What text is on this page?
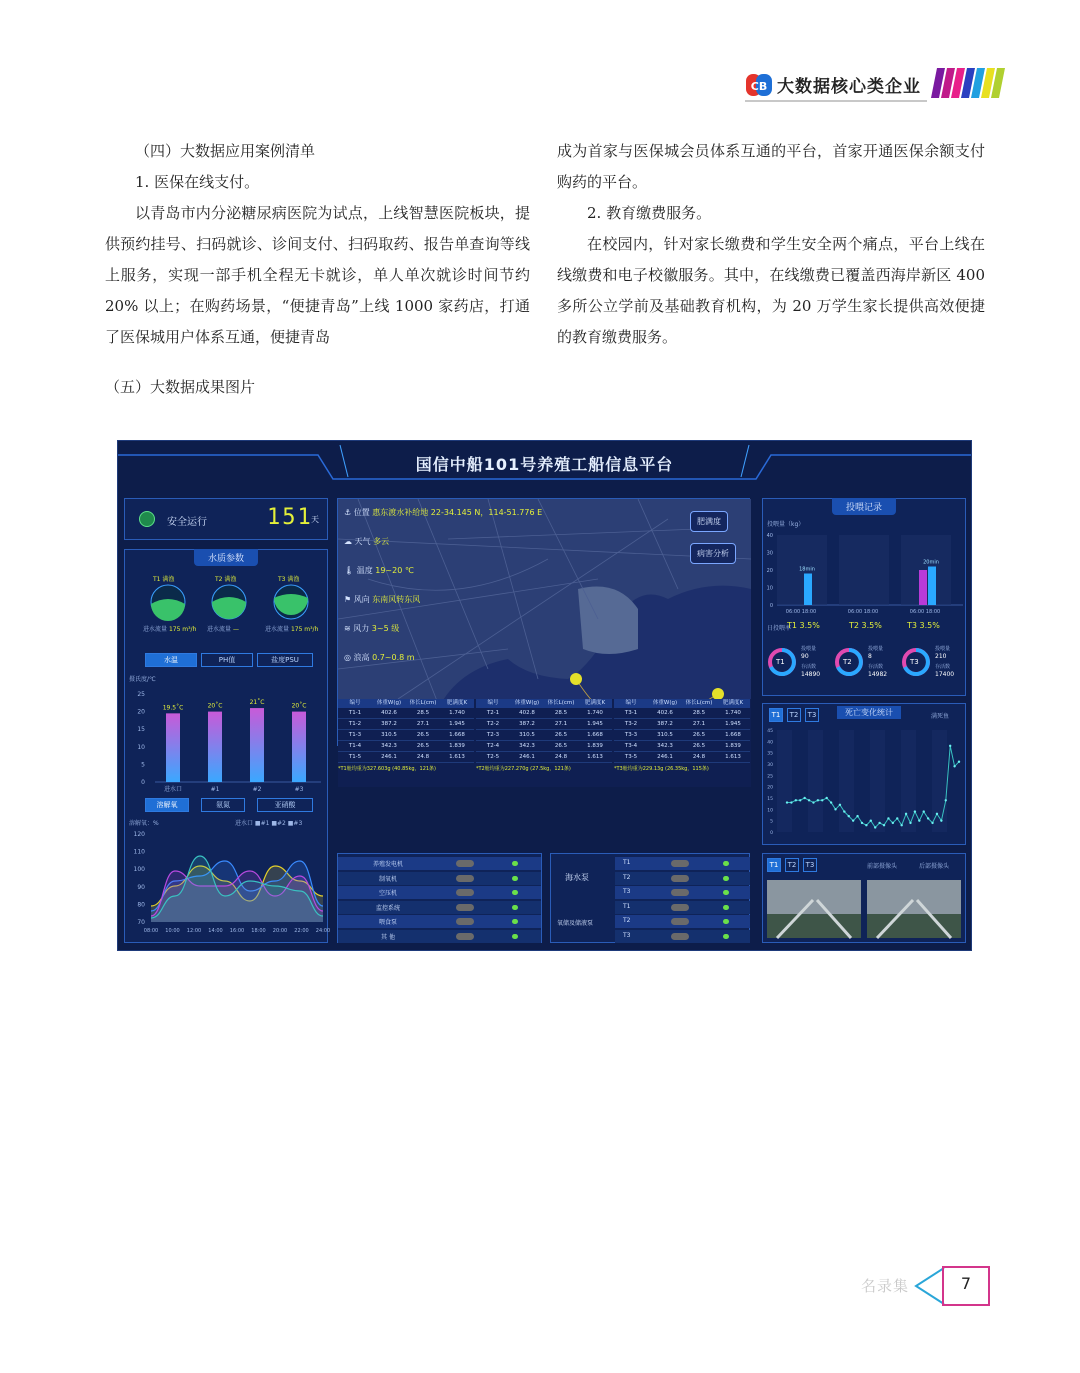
CB 大数据核心类企业

（四）大数据应用案例清单

1. 医保在线支付。

以青岛市内分泌糖尿病医院为试点，上线智慧医院板块，提供预约挂号、扫码就诊、诊间支付、扫码取药、报告单查询等线上服务，实现一部手机全程无卡就诊，单人单次就诊时间节约 20% 以上；在购药场景，“便捷青岛”上线 1000 家药店，打通了医保城用户体系互通，便捷青岛

成为首家与医保城会员体系互通的平台，首家开通医保余额支付购药的平台。

2. 教育缴费服务。

在校园内，针对家长缴费和学生安全两个痛点，平台上线在线缴费和电子校徽服务。其中，在线缴费已覆盖西海岸新区 400 多所公立学前及基础教育机构，为 20 万学生家长提供高效便捷的教育缴费服务。

（五）大数据成果图片
国信中船101号养殖工船信息平台
安全运行	151
天
水质参数
T1 满渔	T2 满渔	T3 满渔
进水流量 175 m³/h 进水流量 —	进水流量 175 m³/h
水温	PH值	盐度PSU
摄氏度/℃
25
20
15
10
5
0
19.5˚C
进水口
20˚C
#1
21˚C
#2
20˚C
#3
溶解氧	氨氮	亚硝酸
溶解氧：%	进水口 ■#1 ■#2 ■#3
120
110
100
90
80
70
08:00 10:00 12:00 14:00 16:00 18:00 20:00 22:00 24:00
⚓ 位置 惠东渡水补给地 22-34.145 N，114-51.776 E
☁ 天气 多云
🌡 温度 19~20 ℃
⚑ 风向 东南风转东风
≋ 风力 3~5 级
◎ 浪高 0.7~0.8 m
肥满度
病害分析
编号	体重W(g)	体长L(cm)	肥满度K
T1-1	402.6	28.5	1.740
T1-2	387.2	27.1	1.945
T1-3	310.5	26.5	1.668
T1-4	342.3	26.5	1.839
T1-5	246.1	24.8	1.613
*T1舱均重为327.603g (40.85kg，121条)
编号	体重W(g)	体长L(cm)	肥满度K
T2-1	402.8	28.5	1.740
T2-2	387.2	27.1	1.945
T2-3	310.5	26.5	1.668
T2-4	342.3	26.5	1.839
T2-5	246.1	24.8	1.613
*T2舱均重为227.270g (27.5kg，121条)
编号	体重W(g)	体长L(cm)	肥满度K
T3-1	402.6	28.5	1.740
T3-2	387.2	27.1	1.945
T3-3	310.5	26.5	1.668
T3-4	342.3	26.5	1.839
T3-5	246.1	24.8	1.613
*T3舱均重为229.13g (26.35kg，115条)
养殖发电机
制氧机
空压机
监控系统
喂食泵
其 他
海水泵
氧储及储液泵
T1
T2
T3
T1
T2
T3
投喂记录
投喂量（kg）
40
30
20
10
0
18min
06:00 18:00	06:00 18:00
20min
06:00 18:00
日投喂率
T1 3.5%	T2 3.5%	T3 3.5%
T1
投喂量
90
存活数
14890
T2
投喂量
8
存活数
14982
T3
投喂量
210
存活数
17400
T1	T2	T3	死亡变化统计	满死鱼
45
40
35
30
25
20
15
10
5
0
T1	T2	T3	前部摄像头	后部摄像头
名录集	7
